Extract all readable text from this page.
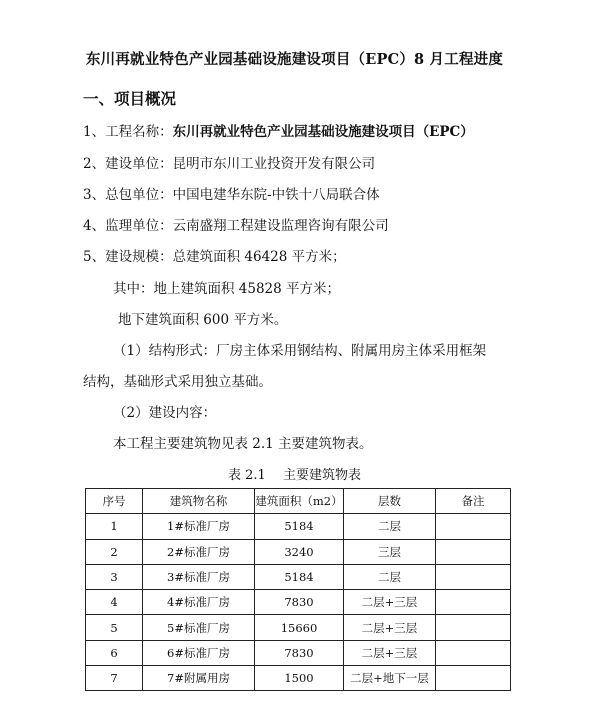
东川再就业特色产业园基础设施建设项目（EPC）8 月工程进度
一、项目概况
1、工程名称：东川再就业特色产业园基础设施建设项目（EPC）
2、建设单位：昆明市东川工业投资开发有限公司
3、总包单位：中国电建华东院-中铁十八局联合体
4、监理单位：云南盛翔工程建设监理咨询有限公司
5、建设规模：总建筑面积 46428 平方米；
其中：地上建筑面积 45828 平方米；
地下建筑面积 600 平方米。
（1）结构形式：厂房主体采用钢结构、附属用房主体采用框架
结构，基础形式采用独立基础。
（2）建设内容：
本工程主要建筑物见表 2.1 主要建筑物表。
表 2.1　 主要建筑物表
序号	建筑物名称	建筑面积（m2）	层数	备注
1	1#标准厂房	5184	二层	
2	2#标准厂房	3240	三层	
3	3#标准厂房	5184	二层	
4	4#标准厂房	7830	二层+三层	
5	5#标准厂房	15660	二层+三层	
6	6#标准厂房	7830	二层+三层	
7	7#附属用房	1500	二层+地下一层	
